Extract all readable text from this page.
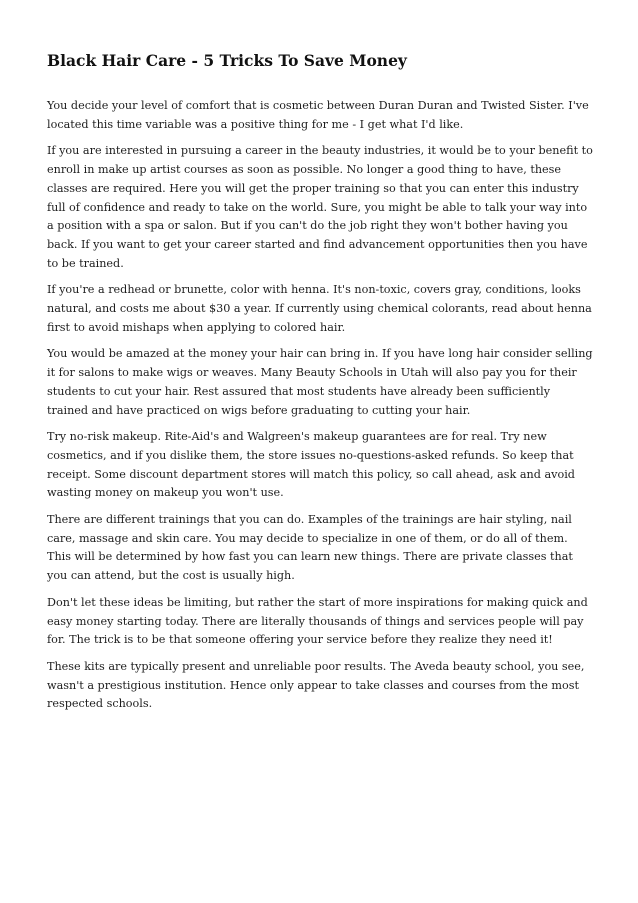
Black Hair Care - 5 Tricks To Save Money

You decide your level of comfort that is cosmetic between Duran Duran and Twisted Sister. I've located this time variable was a positive thing for me - I get what I'd like.

If you are interested in pursuing a career in the beauty industries, it would be to your benefit to enroll in make up artist courses as soon as possible. No longer a good thing to have, these classes are required. Here you will get the proper training so that you can enter this industry full of confidence and ready to take on the world. Sure, you might be able to talk your way into a position with a spa or salon. But if you can't do the job right they won't bother having you back. If you want to get your career started and find advancement opportunities then you have to be trained.

If you're a redhead or brunette, color with henna. It's non-toxic, covers gray, conditions, looks natural, and costs me about $30 a year. If currently using chemical colorants, read about henna first to avoid mishaps when applying to colored hair.

You would be amazed at the money your hair can bring in. If you have long hair consider selling it for salons to make wigs or weaves. Many Beauty Schools in Utah will also pay you for their students to cut your hair. Rest assured that most students have already been sufficiently trained and have practiced on wigs before graduating to cutting your hair.

Try no-risk makeup. Rite-Aid's and Walgreen's makeup guarantees are for real. Try new cosmetics, and if you dislike them, the store issues no-questions-asked refunds. So keep that receipt. Some discount department stores will match this policy, so call ahead, ask and avoid wasting money on makeup you won't use.

There are different trainings that you can do. Examples of the trainings are hair styling, nail care, massage and skin care. You may decide to specialize in one of them, or do all of them. This will be determined by how fast you can learn new things. There are private classes that you can attend, but the cost is usually high.

Don't let these ideas be limiting, but rather the start of more inspirations for making quick and easy money starting today. There are literally thousands of things and services people will pay for. The trick is to be that someone offering your service before they realize they need it!

These kits are typically present and unreliable poor results. The Aveda beauty school, you see, wasn't a prestigious institution. Hence only appear to take classes and courses from the most respected schools.
